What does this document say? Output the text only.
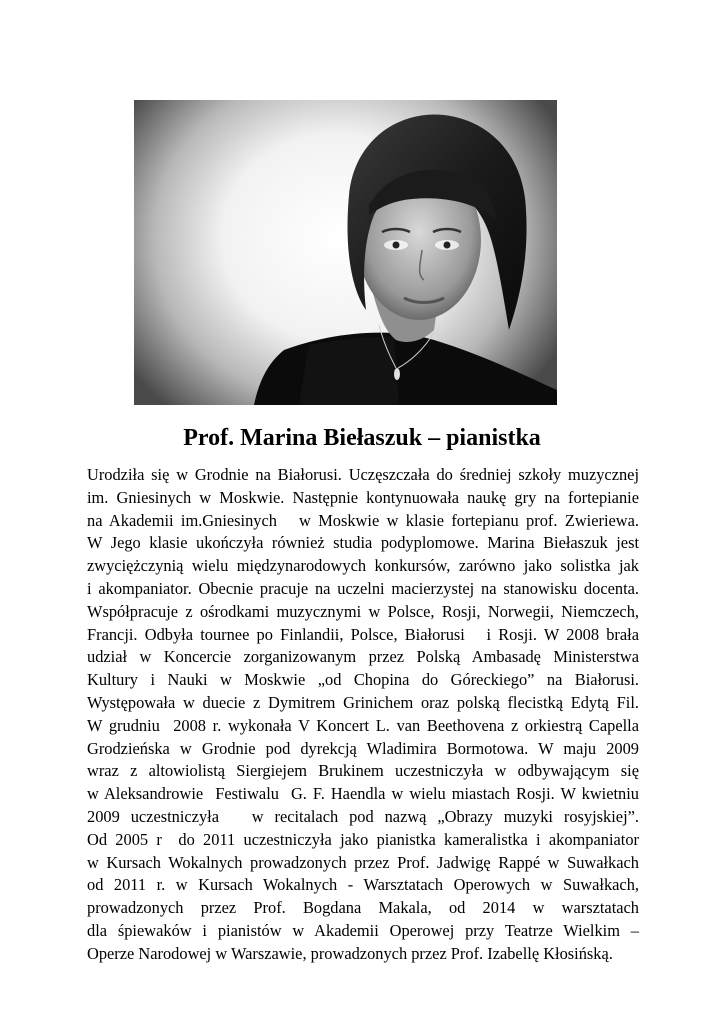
Prof. Marina Biełaszuk – pianistka
Urodziła się w Grodnie na Białorusi. Uczęszczała do średniej szkoły muzycznej
im. Gniesinych w Moskwie. Następnie kontynuowała naukę gry na fortepianie
na Akademii im.Gniesinych   w Moskwie w klasie fortepianu prof. Zwieriewa.
W Jego klasie ukończyła również studia podyplomowe. Marina Biełaszuk jest
zwyciężczynią wielu międzynarodowych konkursów, zarówno jako solistka jak
i akompaniator. Obecnie pracuje na uczelni macierzystej na stanowisku docenta.
Współpracuje z ośrodkami muzycznymi w Polsce, Rosji, Norwegii, Niemczech,
Francji. Odbyła tournee po Finlandii, Polsce, Białorusi   i Rosji. W 2008 brała
udział w Koncercie zorganizowanym przez Polską Ambasadę Ministerstwa
Kultury i Nauki w Moskwie „od Chopina do Góreckiego” na Białorusi.
Występowała w duecie z Dymitrem Grinichem oraz polską flecistką Edytą Fil.
W grudniu  2008 r. wykonała V Koncert L. van Beethovena z orkiestrą Capella
Grodzieńska w Grodnie pod dyrekcją Wladimira Bormotowa. W maju 2009
wraz z altowiolistą Siergiejem Brukinem uczestniczyła w odbywającym się
w Aleksandrowie  Festiwalu  G. F. Haendla w wielu miastach Rosji. W kwietniu
2009 uczestniczyła   w recitalach pod nazwą „Obrazy muzyki rosyjskiej”.
Od 2005 r  do 2011 uczestniczyła jako pianistka kameralistka i akompaniator
w Kursach Wokalnych prowadzonych przez Prof. Jadwigę Rappé w Suwałkach
od 2011 r. w Kursach Wokalnych - Warsztatach Operowych w Suwałkach,
prowadzonych przez Prof. Bogdana Makala, od 2014 w warsztatach
dla śpiewaków i pianistów w Akademii Operowej przy Teatrze Wielkim –
Operze Narodowej w Warszawie, prowadzonych przez Prof. Izabellę Kłosińską.
